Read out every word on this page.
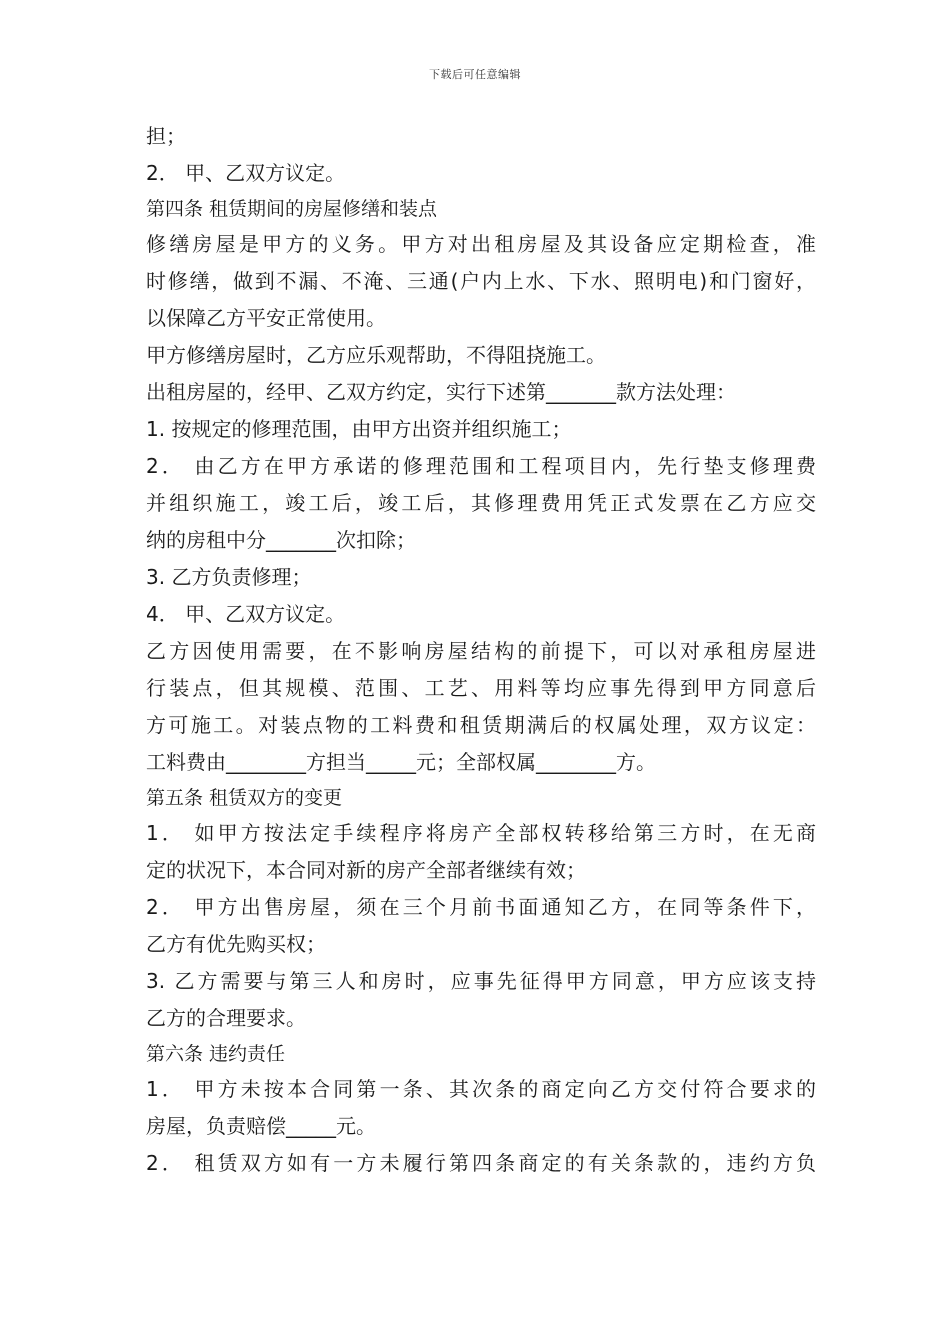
下载后可任意编辑
担；
2． 甲、乙双方议定。
第四条 租赁期间的房屋修缮和装点
修缮房屋是甲方的义务。甲方对出租房屋及其设备应定期检查，准
时修缮，做到不漏、不淹、三通(户内上水、下水、照明电)和门窗好，
以保障乙方平安正常使用。
甲方修缮房屋时，乙方应乐观帮助，不得阻挠施工。
出租房屋的，经甲、乙双方约定，实行下述第_______款方法处理：
1. 按规定的修理范围，由甲方出资并组织施工；
2． 由乙方在甲方承诺的修理范围和工程项目内，先行垫支修理费
并组织施工，竣工后，竣工后，其修理费用凭正式发票在乙方应交
纳的房租中分_______次扣除；
3. 乙方负责修理；
4． 甲、乙双方议定。
乙方因使用需要，在不影响房屋结构的前提下，可以对承租房屋进
行装点，但其规模、范围、工艺、用料等均应事先得到甲方同意后
方可施工。对装点物的工料费和租赁期满后的权属处理，双方议定：
工料费由________方担当_____元；全部权属________方。
第五条 租赁双方的变更
1． 如甲方按法定手续程序将房产全部权转移给第三方时，在无商
定的状况下，本合同对新的房产全部者继续有效；
2． 甲方出售房屋，须在三个月前书面通知乙方，在同等条件下，
乙方有优先购买权；
3. 乙方需要与第三人和房时，应事先征得甲方同意，甲方应该支持
乙方的合理要求。
第六条 违约责任
1． 甲方未按本合同第一条、其次条的商定向乙方交付符合要求的
房屋，负责赔偿_____元。
2． 租赁双方如有一方未履行第四条商定的有关条款的，违约方负
